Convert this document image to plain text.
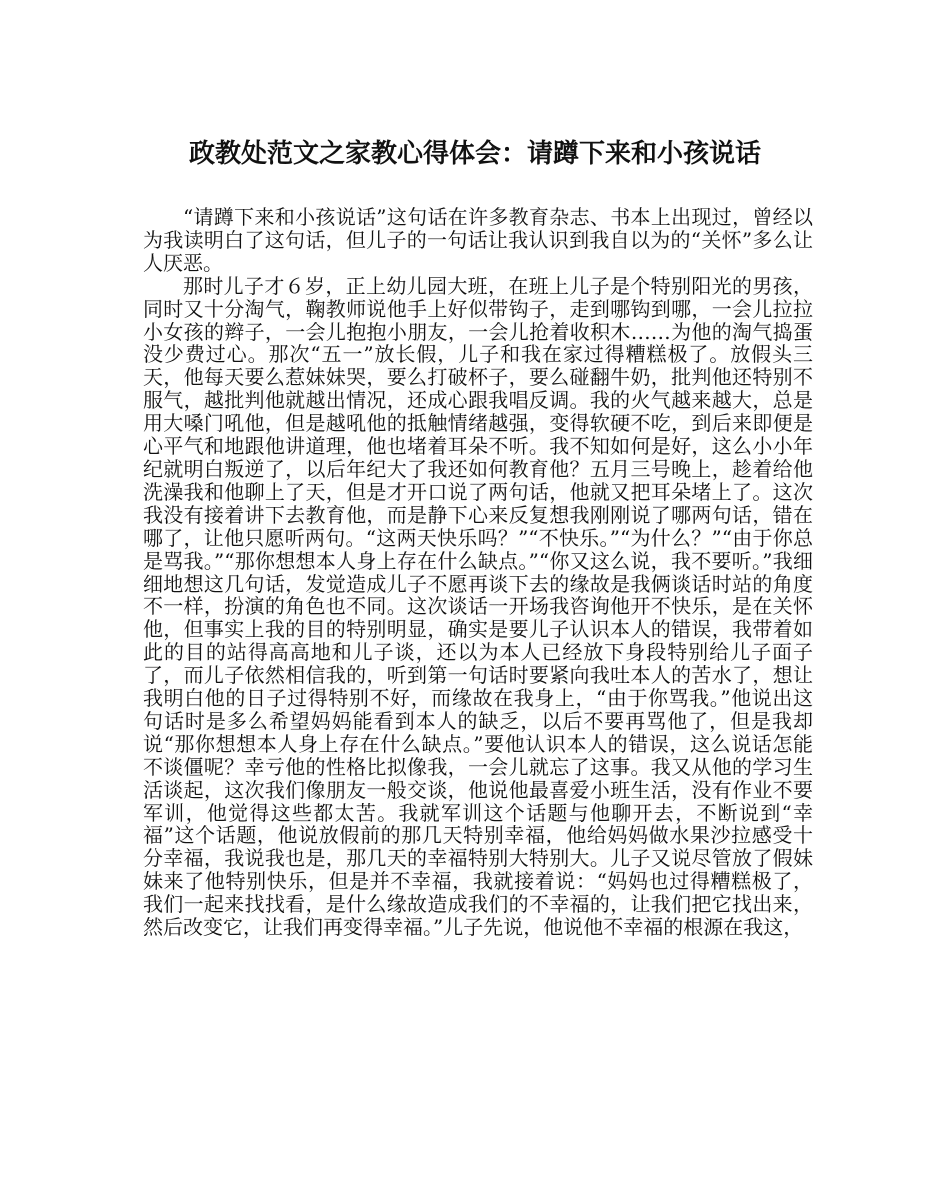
政教处范文之家教心得体会：请蹲下来和小孩说话

“请蹲下来和小孩说话”这句话在许多教育杂志、书本上出现过，曾经以为我读明白了这句话，但儿子的一句话让我认识到我自以为的“关怀”多么让人厌恶。

那时儿子才６岁，正上幼儿园大班，在班上儿子是个特别阳光的男孩，同时又十分淘气，鞠教师说他手上好似带钩子，走到哪钩到哪，一会儿拉拉小女孩的辫子，一会儿抱抱小朋友，一会儿抢着收积木……为他的淘气捣蛋没少费过心。那次“五一”放长假，儿子和我在家过得糟糕极了。放假头三天，他每天要么惹妹妹哭，要么打破杯子，要么碰翻牛奶，批判他还特别不服气，越批判他就越出情况，还成心跟我唱反调。我的火气越来越大，总是用大嗓门吼他，但是越吼他的抵触情绪越强，变得软硬不吃，到后来即便是心平气和地跟他讲道理，他也堵着耳朵不听。我不知如何是好，这么小小年纪就明白叛逆了，以后年纪大了我还如何教育他？五月三号晚上，趁着给他洗澡我和他聊上了天，但是才开口说了两句话，他就又把耳朵堵上了。这次我没有接着讲下去教育他，而是静下心来反复想我刚刚说了哪两句话，错在哪了，让他只愿听两句。“这两天快乐吗？”“不快乐。”“为什么？”“由于你总是骂我。”“那你想想本人身上存在什么缺点。”“你又这么说，我不要听。”我细细地想这几句话，发觉造成儿子不愿再谈下去的缘故是我俩谈话时站的角度不一样，扮演的角色也不同。这次谈话一开场我咨询他开不快乐，是在关怀他，但事实上我的目的特别明显，确实是要儿子认识本人的错误，我带着如此的目的站得高高地和儿子谈，还以为本人已经放下身段特别给儿子面子了，而儿子依然相信我的，听到第一句话时要紧向我吐本人的苦水了，想让我明白他的日子过得特别不好，而缘故在我身上，“由于你骂我。”他说出这句话时是多么希望妈妈能看到本人的缺乏，以后不要再骂他了，但是我却说“那你想想本人身上存在什么缺点。”要他认识本人的错误，这么说话怎能不谈僵呢？幸亏他的性格比拟像我，一会儿就忘了这事。我又从他的学习生活谈起，这次我们像朋友一般交谈，他说他最喜爱小班生活，没有作业不要军训，他觉得这些都太苦。我就军训这个话题与他聊开去，不断说到“幸福”这个话题，他说放假前的那几天特别幸福，他给妈妈做水果沙拉感受十分幸福，我说我也是，那几天的幸福特别大特别大。儿子又说尽管放了假妹妹来了他特别快乐，但是并不幸福，我就接着说：“妈妈也过得糟糕极了，我们一起来找找看，是什么缘故造成我们的不幸福的，让我们把它找出来，然后改变它，让我们再变得幸福。”儿子先说，他说他不幸福的根源在我这，
